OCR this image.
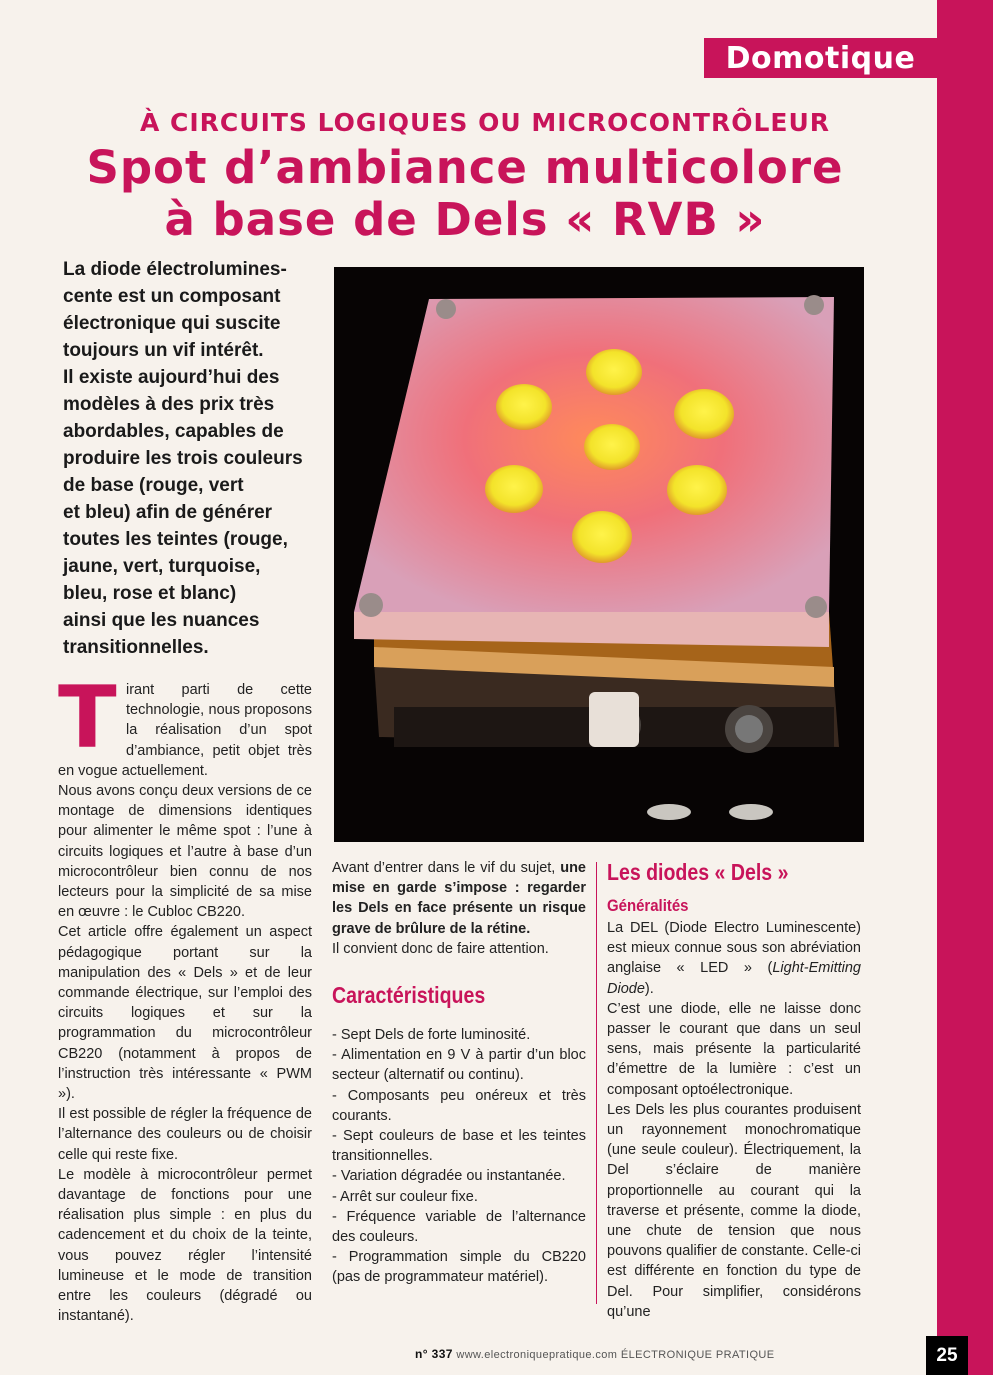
Domotique
À CIRCUITS LOGIQUES OU MICROCONTRÔLEUR
Spot d’ambiance multicolore
à base de Dels « RVB »

La diode électrolumines-

cente est un composant

électronique qui suscite

toujours un vif intérêt.

Il existe aujourd’hui des

modèles à des prix très

abordables, capables de

produire les trois couleurs

de base (rouge, vert

et bleu) afin de générer

toutes les teintes (rouge,

jaune, vert, turquoise,

bleu, rose et blanc)

ainsi que les nuances

transitionnelles.

T irant parti de cette technologie, nous proposons la réalisation d’un spot d’ambiance, petit objet très en vogue actuellement.

Nous avons conçu deux versions de ce montage de dimensions identiques pour alimenter le même spot : l’une à circuits logiques et l’autre à base d’un microcontrôleur bien connu de nos lecteurs pour la simplicité de sa mise en œuvre : le Cubloc CB220.

Cet article offre également un aspect pédagogique portant sur la manipulation des « Dels » et de leur commande électrique, sur l’emploi des circuits logiques et sur la programmation du microcontrôleur CB220 (notamment à propos de l’instruction très intéressante « PWM »).

Il est possible de régler la fréquence de l’alternance des couleurs ou de choisir celle qui reste fixe.

Le modèle à microcontrôleur permet davantage de fonctions pour une réalisation plus simple : en plus du cadencement et du choix de la teinte, vous pouvez régler l’intensité lumineuse et le mode de transition entre les couleurs (dégradé ou instantané).

Avant d’entrer dans le vif du sujet, une mise en garde s’impose : regarder les Dels en face présente un risque grave de brûlure de la rétine.

Il convient donc de faire attention.

Caractéristiques

- Sept Dels de forte luminosité.

- Alimentation en 9 V à partir d’un bloc secteur (alternatif ou continu).

- Composants peu onéreux et très courants.

- Sept couleurs de base et les teintes transitionnelles.

- Variation dégradée ou instantanée.

- Arrêt sur couleur fixe.

- Fréquence variable de l’alternance des couleurs.

- Programmation simple du CB220 (pas de programmateur matériel).

Les diodes « Dels »
Généralités

La DEL (Diode Electro Luminescente) est mieux connue sous son abréviation anglaise « LED » (Light-Emitting Diode).

C’est une diode, elle ne laisse donc passer le courant que dans un seul sens, mais présente la particularité d’émettre de la lumière : c’est un composant optoélectronique.

Les Dels les plus courantes produisent un rayonnement monochromatique (une seule couleur). Électriquement, la Del s’éclaire de manière proportionnelle au courant qui la traverse et présente, comme la diode, une chute de tension que nous pouvons qualifier de constante. Celle-ci est différente en fonction du type de Del. Pour simplifier, considérons qu’une

n° 337 www.electroniquepratique.com ÉLECTRONIQUE PRATIQUE	25
